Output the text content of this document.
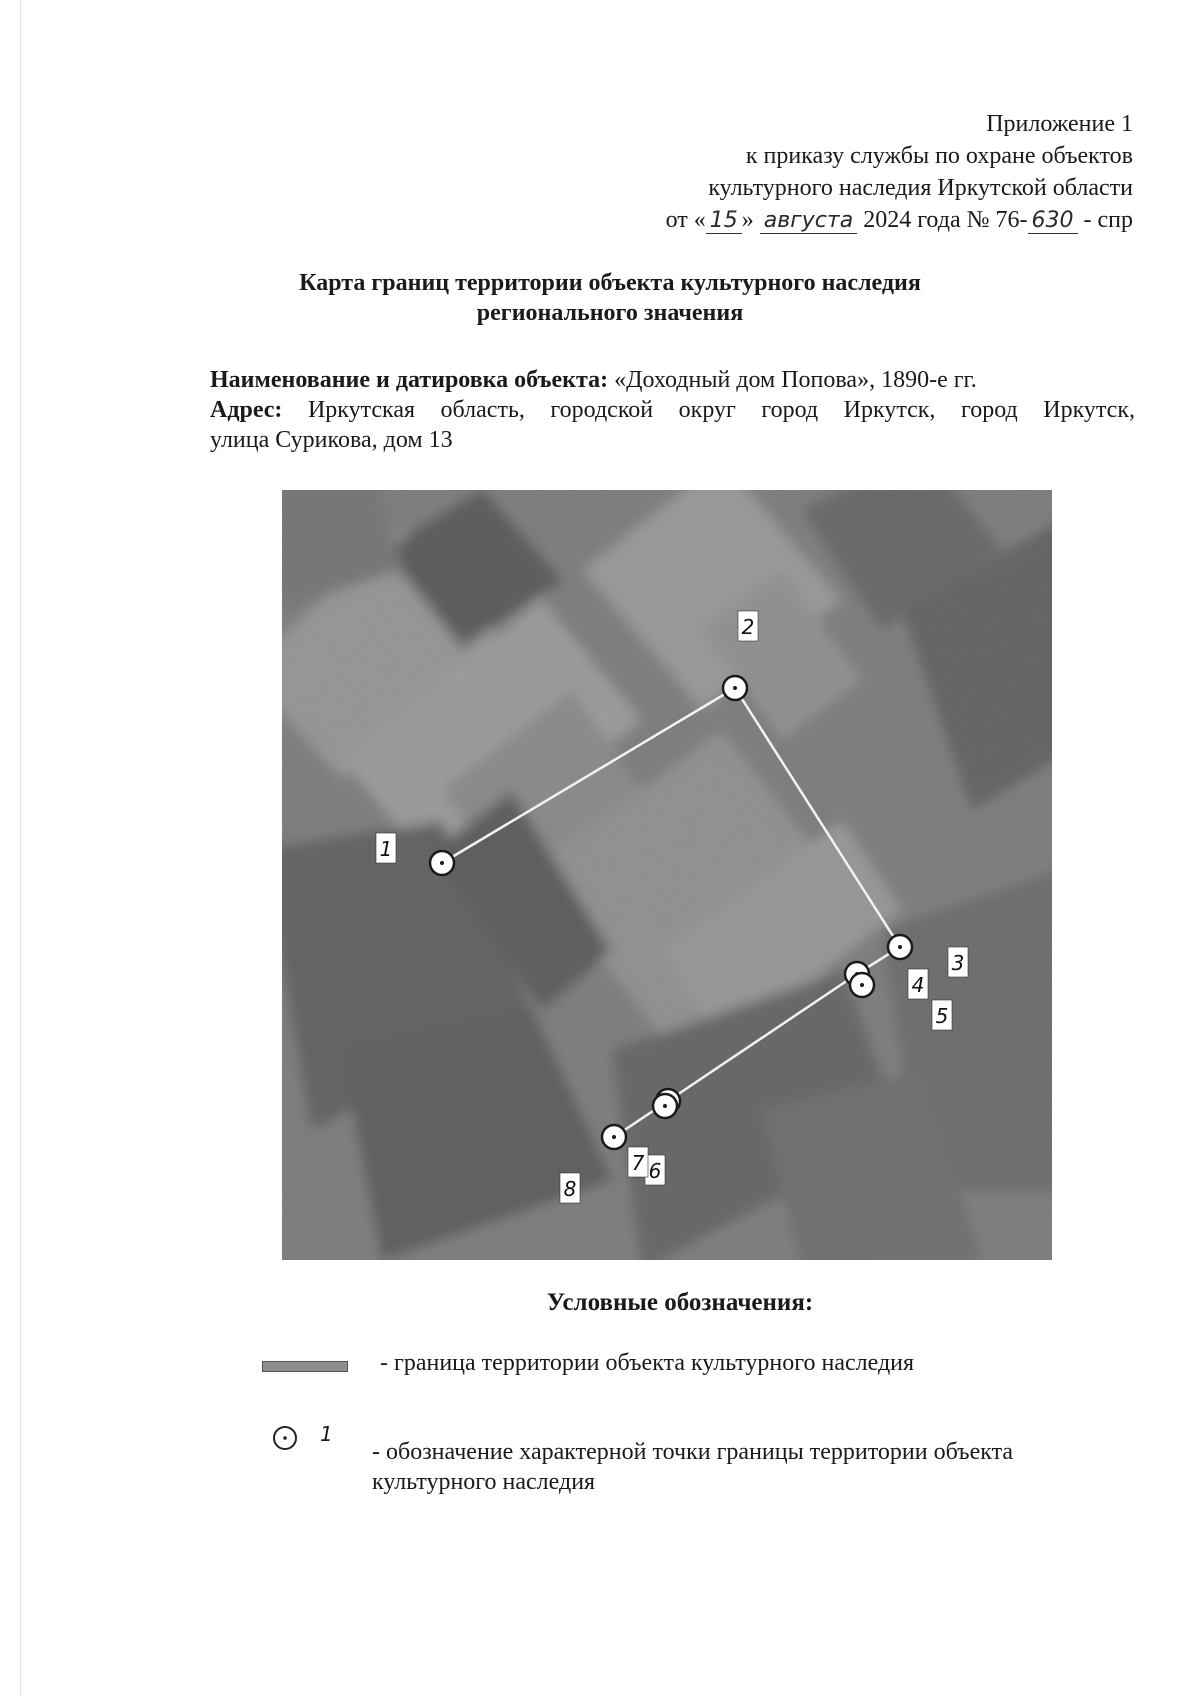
Приложение 1
к приказу службы по охране объектов
культурного наследия Иркутской области
от « 15 » августа 2024 года № 76- 630 - спр
Карта границ территории объекта культурного наследия
регионального значения
Наименование и датировка объекта: «Доходный дом Попова», 1890-е гг.
Адрес: Иркутская область, городской округ город Иркутск, город Иркутск,
улица Сурикова, дом 13
1
2
3
4
5
6
7
8
Условные обозначения:
- граница территории объекта культурного наследия
1
- обозначение характерной точки границы территории объекта
культурного наследия
